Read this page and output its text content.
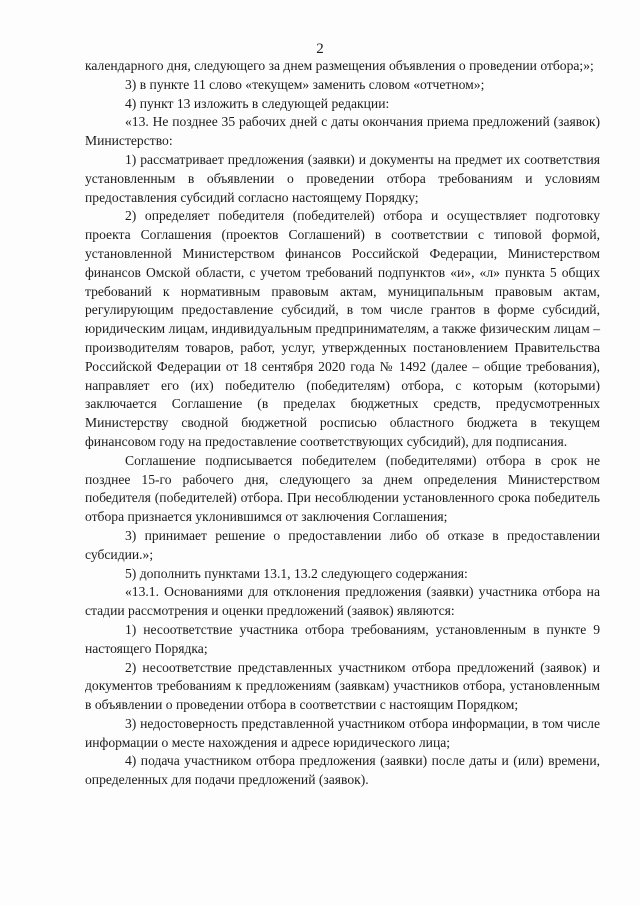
2

календарного дня, следующего за днем размещения объявления о проведении отбора;»;

3) в пункте 11 слово «текущем» заменить словом «отчетном»;

4) пункт 13 изложить в следующей редакции:

«13. Не позднее 35 рабочих дней с даты окончания приема предложений (заявок) Министерство:

1) рассматривает предложения (заявки) и документы на предмет их соответствия установленным в объявлении о проведении отбора требованиям и условиям предоставления субсидий согласно настоящему Порядку;

2) определяет победителя (победителей) отбора и осуществляет подготовку проекта Соглашения (проектов Соглашений) в соответствии с типовой формой, установленной Министерством финансов Российской Федерации, Министерством финансов Омской области, с учетом требований подпунктов «и», «л» пункта 5 общих требований к нормативным правовым актам, муниципальным правовым актам, регулирующим предоставление субсидий, в том числе грантов в форме субсидий, юридическим лицам, индивидуальным предпринимателям, а также физическим лицам – производителям товаров, работ, услуг, утвержденных постановлением Правительства Российской Федерации от 18 сентября 2020 года № 1492 (далее – общие требования), направляет его (их) победителю (победителям) отбора, с которым (которыми) заключается Соглашение (в пределах бюджетных средств, предусмотренных Министерству сводной бюджетной росписью областного бюджета в текущем финансовом году на предоставление соответствующих субсидий), для подписания.

Соглашение подписывается победителем (победителями) отбора в срок не позднее 15-го рабочего дня, следующего за днем определения Министерством победителя (победителей) отбора. При несоблюдении установленного срока победитель отбора признается уклонившимся от заключения Соглашения;

3) принимает решение о предоставлении либо об отказе в предоставлении субсидии.»;

5) дополнить пунктами 13.1, 13.2 следующего содержания:

«13.1. Основаниями для отклонения предложения (заявки) участника отбора на стадии рассмотрения и оценки предложений (заявок) являются:

1) несоответствие участника отбора требованиям, установленным в пункте 9 настоящего Порядка;

2) несоответствие представленных участником отбора предложений (заявок) и документов требованиям к предложениям (заявкам) участников отбора, установленным в объявлении о проведении отбора в соответствии с настоящим Порядком;

3) недостоверность представленной участником отбора информации, в том числе информации о месте нахождения и адресе юридического лица;

4) подача участником отбора предложения (заявки) после даты и (или) времени, определенных для подачи предложений (заявок).
